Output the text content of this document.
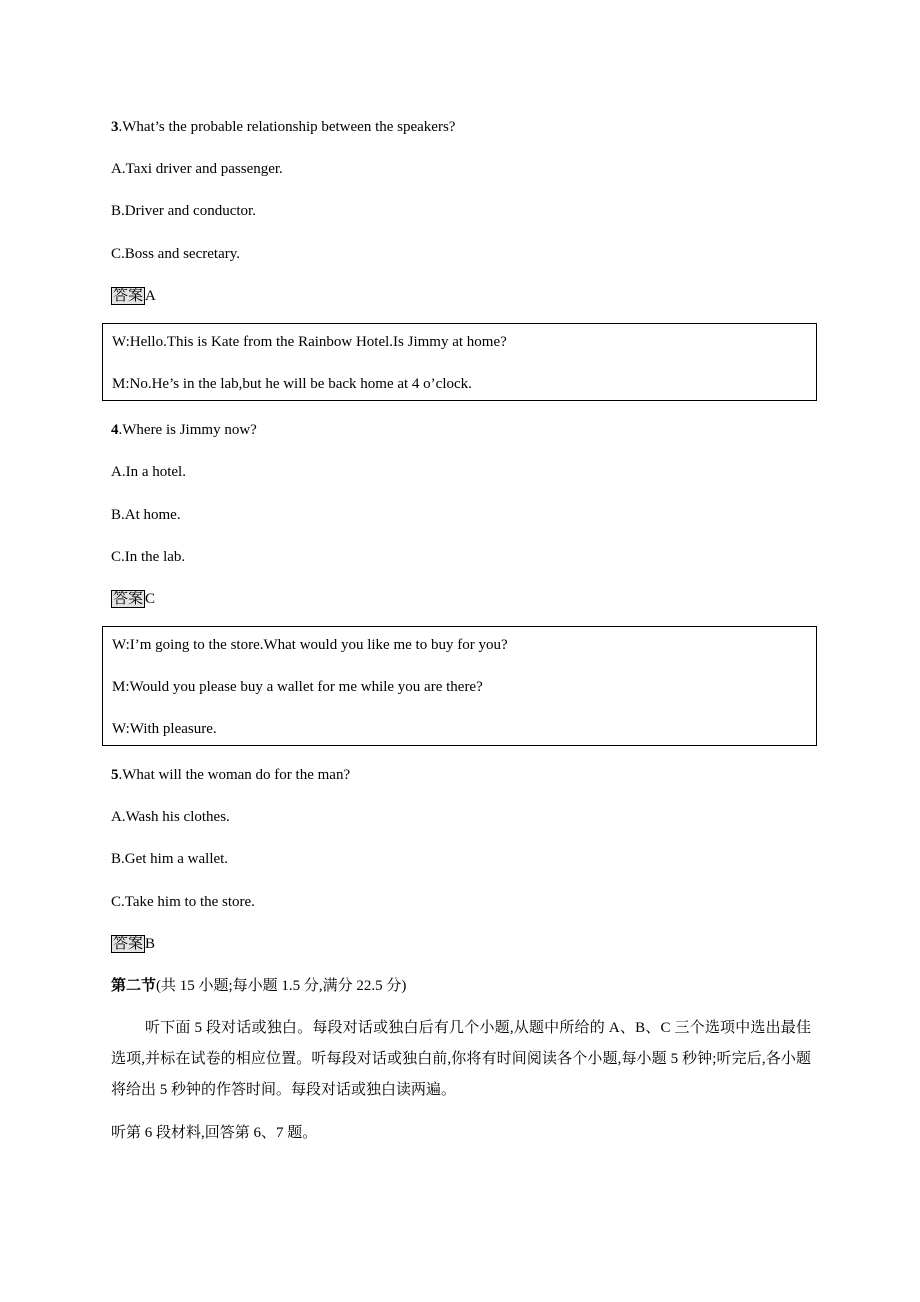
3.What’s the probable relationship between the speakers?
A.Taxi driver and passenger.
B.Driver and conductor.
C.Boss and secretary.
答案 A
W:Hello.This is Kate from the Rainbow Hotel.Is Jimmy at home?
M:No.He’s in the lab,but he will be back home at 4 o’clock.
4.Where is Jimmy now?
A.In a hotel.
B.At home.
C.In the lab.
答案 C
W:I’m going to the store.What would you like me to buy for you?
M:Would you please buy a wallet for me while you are there?
W:With pleasure.
5.What will the woman do for the man?
A.Wash his clothes.
B.Get him a wallet.
C.Take him to the store.
答案 B
第二节(共 15 小题;每小题 1.5 分,满分 22.5 分)
听下面 5 段对话或独白。每段对话或独白后有几个小题,从题中所给的 A、B、C 三个选项中选出最佳选项,并标在试卷的相应位置。听每段对话或独白前,你将有时间阅读各个小题,每小题 5 秒钟;听完后,各小题将给出 5 秒钟的作答时间。每段对话或独白读两遍。
听第 6 段材料,回答第 6、7 题。
